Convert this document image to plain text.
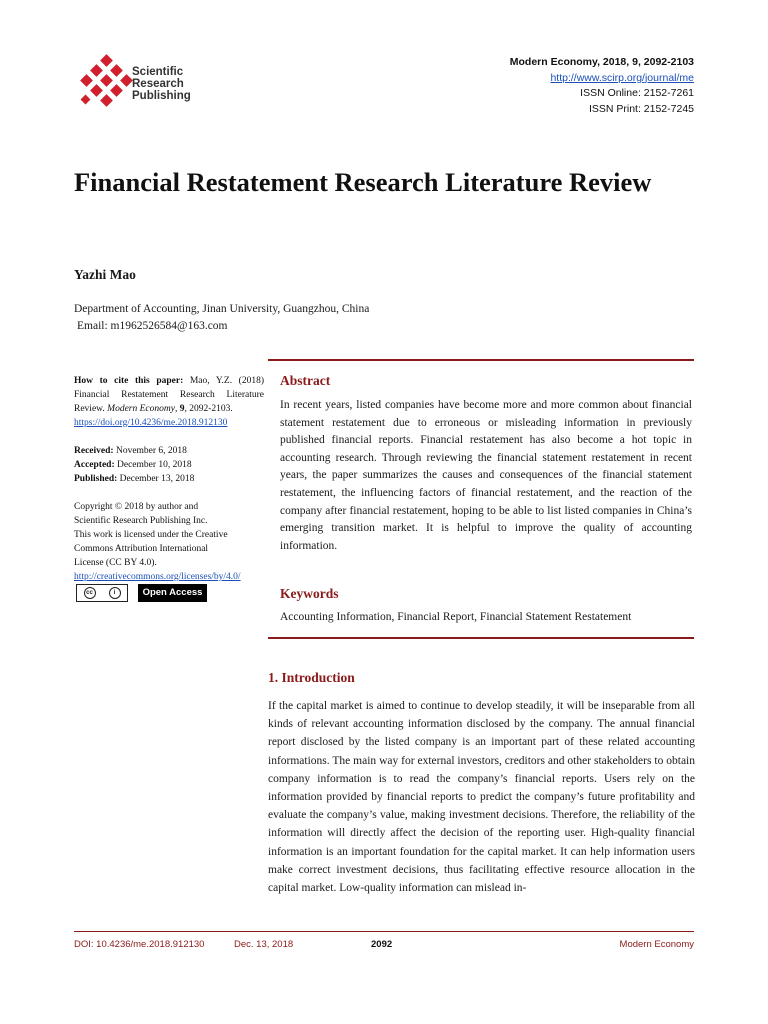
Scientific
Research
Publishing
Modern Economy, 2018, 9, 2092-2103
http://www.scirp.org/journal/me
ISSN Online: 2152-7261
ISSN Print: 2152-7245
Financial Restatement Research Literature Review
Yazhi Mao
Department of Accounting, Jinan University, Guangzhou, China
Email: m1962526584@163.com
How to cite this paper: Mao, Y.Z. (2018) Financial Restatement Research Literature Review. Modern Economy, 9, 2092-2103.
https://doi.org/10.4236/me.2018.912130
Received: November 6, 2018
Accepted: December 10, 2018
Published: December 13, 2018
Copyright © 2018 by author and
Scientific Research Publishing Inc.
This work is licensed under the Creative
Commons Attribution International
License (CC BY 4.0).
http://creativecommons.org/licenses/by/4.0/
cc	i	Open Access
Abstract
In recent years, listed companies have become more and more common about financial statement restatement due to erroneous or misleading information in previously published financial reports. Financial restatement has also become a hot topic in accounting research. Through reviewing the financial statement restatement in recent years, the paper summarizes the causes and consequences of the financial statement restatement, the influencing factors of financial restatement, and the reaction of the company after financial restatement, hoping to be able to list listed companies in China’s emerging transition market. It is helpful to improve the quality of accounting information.
Keywords
Accounting Information, Financial Report, Financial Statement Restatement
1. Introduction
If the capital market is aimed to continue to develop steadily, it will be inseparable from all kinds of relevant accounting information disclosed by the company. The annual financial report disclosed by the listed company is an important part of these related accounting informations. The main way for external investors, creditors and other stakeholders to obtain company information is to read the company’s financial reports. Users rely on the information provided by financial reports to predict the company’s future profitability and evaluate the company’s value, making investment decisions. Therefore, the reliability of the information will directly affect the decision of the reporting user. High-quality financial information is an important foundation for the capital market. It can help information users make correct investment decisions, thus facilitating effective resource allocation in the capital market. Low-quality information can mislead in-
DOI: 10.4236/me.2018.912130	Dec. 13, 2018	2092	Modern Economy
